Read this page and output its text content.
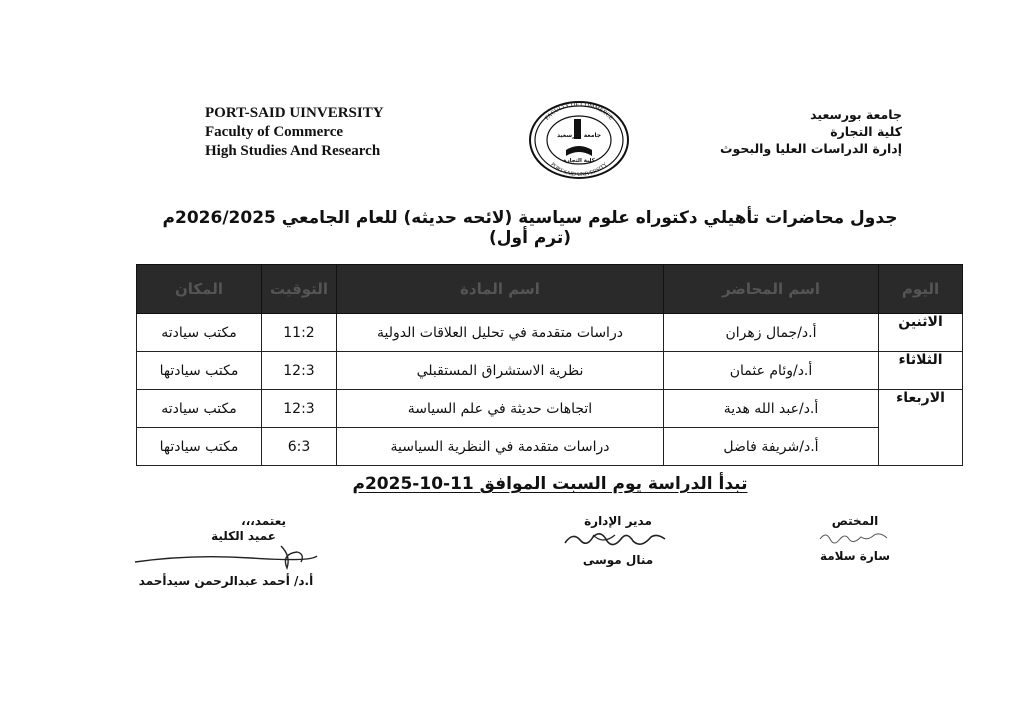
PORT-SAID UINVERSITY
Faculty of Commerce
High Studies And Research
FACULTY OF COMMERCE
PORT SAID UNIVERSITY
جامعة بورسعيد
كلية التجارة
جامعة بورسعيد
كلية التجارة
إدارة الدراسات العليا والبحوث
جدول محاضرات تأهيلي دكتوراه علوم سياسية (لائحه حديثه) للعام الجامعي 2026/2025م (ترم أول)
اليوم	اسم المحاضر	اسم المادة	التوقيت	المكان
الاثنين	أ.د/جمال زهران	دراسات متقدمة في تحليل العلاقات الدولية	11:2	مكتب سيادته
الثلاثاء	أ.د/وئام عثمان	نظرية الاستشراق المستقبلي	12:3	مكتب سيادتها
الاربعاء	أ.د/عبد الله هدية	اتجاهات حديثة في علم السياسة	12:3	مكتب سيادته
	أ.د/شريفة فاضل	دراسات متقدمة في النظرية السياسية	6:3	مكتب سيادتها
تبدأ الدراسة يوم السبت الموافق 11-10-2025م
المختص
سارة سلامة
مدير الإدارة
منال موسى
يعتمد،،،
عميد الكلية
أ.د/ أحمد عبدالرحمن سيدأحمد
